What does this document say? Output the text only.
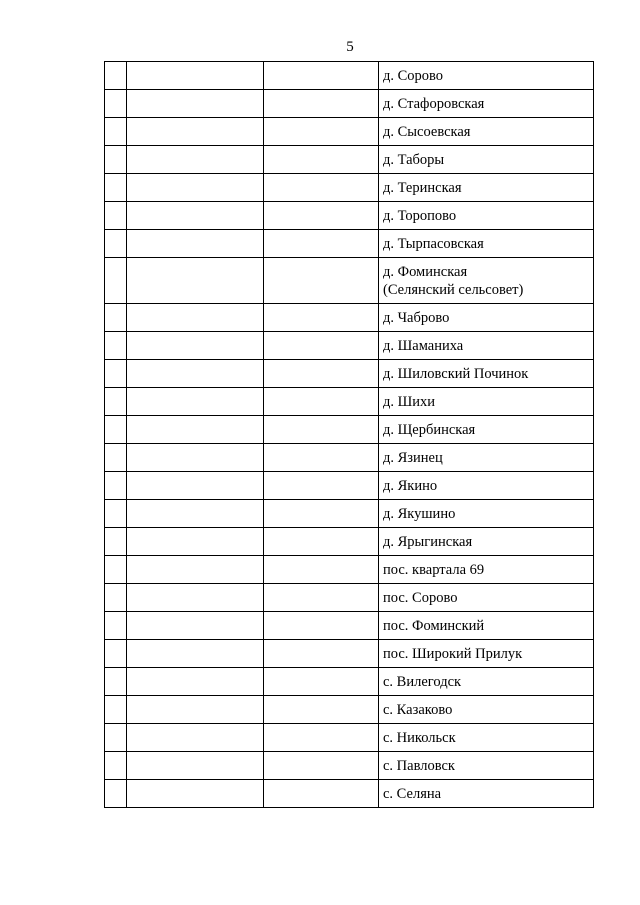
5
			д. Сорово
			д. Стафоровская
			д. Сысоевская
			д. Таборы
			д. Теринская
			д. Торопово
			д. Тырпасовская
			д. Фоминская
(Селянский сельсовет)
			д. Чаброво
			д. Шаманиха
			д. Шиловский Починок
			д. Шихи
			д. Щербинская
			д. Язинец
			д. Якино
			д. Якушино
			д. Ярыгинская
			пос. квартала 69
			пос. Сорово
			пос. Фоминский
			пос. Широкий Прилук
			с. Вилегодск
			с. Казаково
			с. Никольск
			с. Павловск
			с. Селяна
